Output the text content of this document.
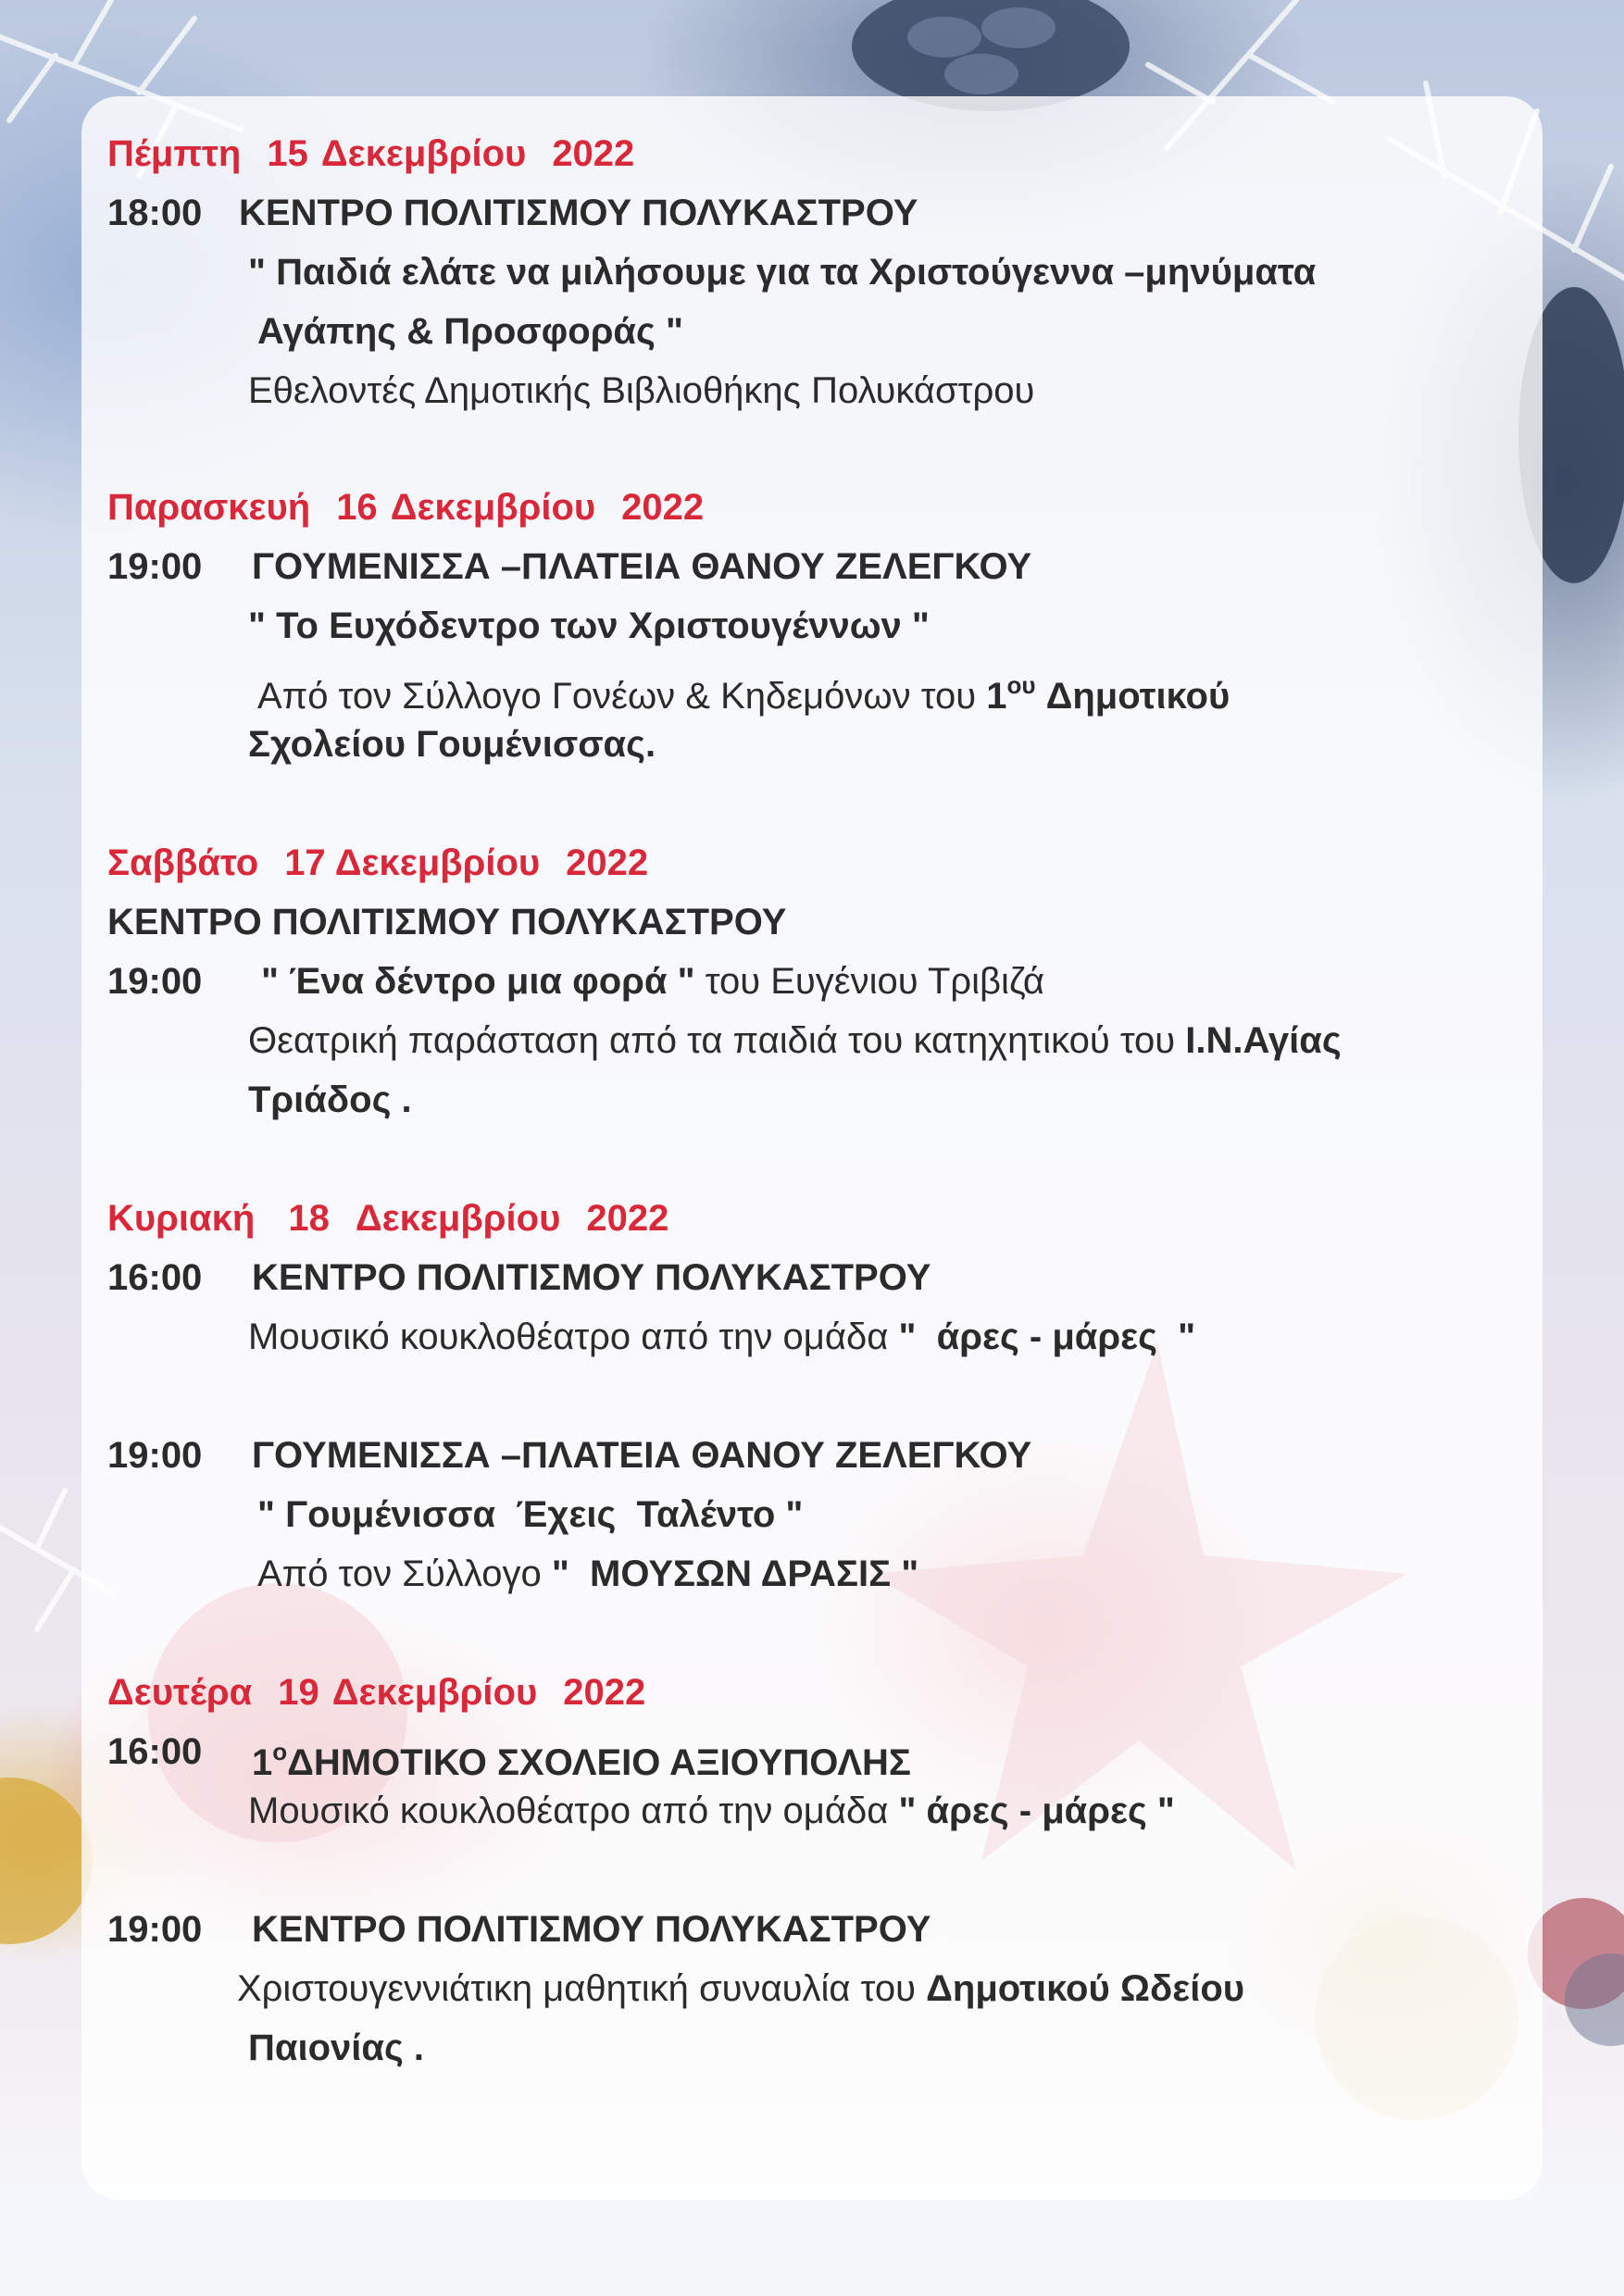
Πέμπτη 15 Δεκεμβρίου 2022
18:00 ΚΕΝΤΡΟ ΠΟΛΙΤΙΣΜΟΥ ΠΟΛΥΚΑΣΤΡΟΥ
" Παιδιά ελάτε να μιλήσουμε για τα Χριστούγεννα –μηνύματα
Αγάπης & Προσφοράς "
Εθελοντές Δημοτικής Βιβλιοθήκης Πολυκάστρου
Παρασκευή 16 Δεκεμβρίου 2022
19:00 ΓΟΥΜΕΝΙΣΣΑ –ΠΛΑΤΕΙΑ ΘΑΝΟΥ ΖΕΛΕΓΚΟΥ
" Το Ευχόδεντρο των Χριστουγέννων "
Από τον Σύλλογο Γονέων & Κηδεμόνων του $1^{o\upsilon}$ Δημοτικού
Σχολείου Γουμένισσας.
Σαββάτο 17 Δεκεμβρίου 2022
ΚΕΝΤΡΟ ΠΟΛΙΤΙΣΜΟΥ ΠΟΛΥΚΑΣΤΡΟΥ
19:00 " Ένα δέντρο μια φορά " του Ευγένιου Τριβιζά
Θεατρική παράσταση από τα παιδιά του κατηχητικού του Ι.Ν.Αγίας
Τριάδος .
Κυριακή 18 Δεκεμβρίου 2022
16:00 ΚΕΝΤΡΟ ΠΟΛΙΤΙΣΜΟΥ ΠΟΛΥΚΑΣΤΡΟΥ
Μουσικό κουκλοθέατρο από την ομάδα "  άρες - μάρες  "
19:00 ΓΟΥΜΕΝΙΣΣΑ –ΠΛΑΤΕΙΑ ΘΑΝΟΥ ΖΕΛΕΓΚΟΥ
" Γουμένισσα  Έχεις  Ταλέντο "
Από τον Σύλλογο "  ΜΟΥΣΩΝ ΔΡΑΣΙΣ "
Δευτέρα 19 Δεκεμβρίου 2022
16:00 $1^o\Delta HMOTIKO$ ΣΧΟΛΕΙΟ ΑΞΙΟΥΠΟΛΗΣ
Μουσικό κουκλοθέατρο από την ομάδα " άρες - μάρες "
19:00 ΚΕΝΤΡΟ ΠΟΛΙΤΙΣΜΟΥ ΠΟΛΥΚΑΣΤΡΟΥ
Χριστουγεννιάτικη μαθητική συναυλία του Δημοτικού Ωδείου
Παιονίας .
